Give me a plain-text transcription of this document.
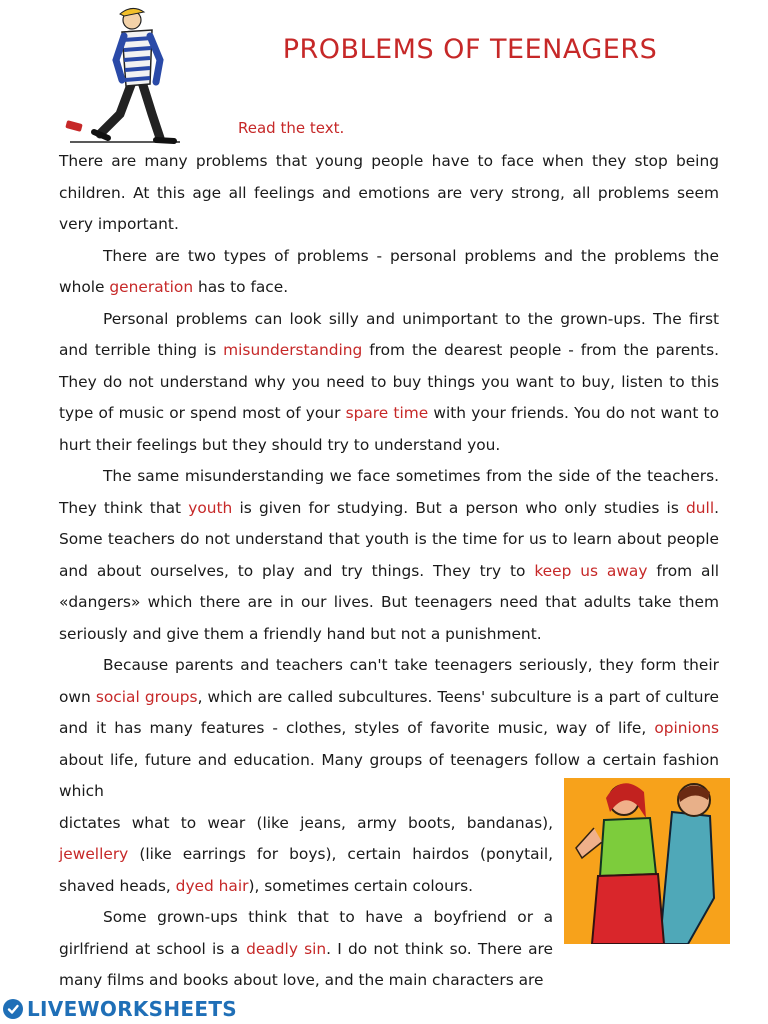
PROBLEMS OF TEENAGERS
Read the text.

There are many problems that young people have to face when they stop being children. At this age all feelings and emotions are very strong, all problems seem very important.

There are two types of problems - personal problems and the problems the whole generation has to face.

Personal problems can look silly and unimportant to the grown-ups. The first and terrible thing is misunderstanding from the dearest people - from the parents. They do not understand why you need to buy things you want to buy, listen to this type of music or spend most of your spare time with your friends. You do not want to hurt their feelings but they should try to understand you.

The same misunderstanding we face sometimes from the side of the teachers. They think that youth is given for studying. But a person who only studies is dull. Some teachers do not understand that youth is the time for us to learn about people and about ourselves, to play and try things. They try to keep us away from all «dangers» which there are in our lives. But teenagers need that adults take them seriously and give them a friendly hand but not a punishment.

Because parents and teachers can't take teenagers seriously, they form their own social groups, which are called subcultures. Teens' subculture is a part of culture and it has many features - clothes, styles of favorite music, way of life, opinions about life, future and education. Many groups of teenagers follow a certain fashion which

dictates what to wear (like jeans, army boots, bandanas), jewellery (like earrings for boys), certain hairdos (ponytail, shaved heads, dyed hair), sometimes certain colours.

Some grown-ups think that to have a boyfriend or a girlfriend at school is a deadly sin. I do not think so. There are many films and books about love, and the main characters are

LIVEWORKSHEETS
